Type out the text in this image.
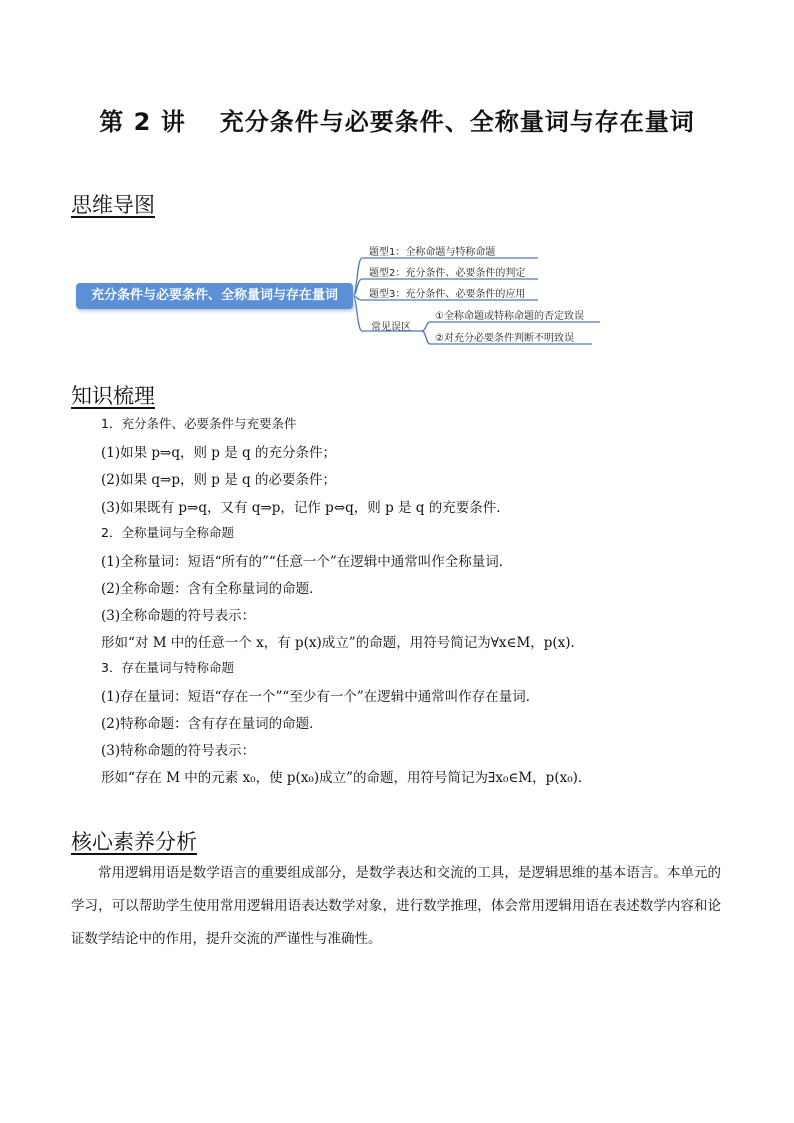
第 2 讲 充分条件与必要条件、全称量词与存在量词
思维导图
充分条件与必要条件、全称量词与存在量词
题型1：全称命题与特称命题
题型2：充分条件、必要条件的判定
题型3：充分条件、必要条件的应用
常见误区
①全称命题或特称命题的否定致误
②对充分必要条件判断不明致误
知识梳理
1．充分条件、必要条件与充要条件
(1)如果 p⇒q，则 p 是 q 的充分条件；
(2)如果 q⇒p，则 p 是 q 的必要条件；
(3)如果既有 p⇒q，又有 q⇒p，记作 p⇔q，则 p 是 q 的充要条件．
2．全称量词与全称命题
(1)全称量词：短语“所有的”“任意一个”在逻辑中通常叫作全称量词．
(2)全称命题：含有全称量词的命题．
(3)全称命题的符号表示：
形如“对 M 中的任意一个 x，有 p(x)成立”的命题，用符号简记为∀x∈M，p(x)．
3．存在量词与特称命题
(1)存在量词：短语“存在一个”“至少有一个”在逻辑中通常叫作存在量词．
(2)特称命题：含有存在量词的命题．
(3)特称命题的符号表示：
形如“存在 M 中的元素 x₀，使 p(x₀)成立”的命题，用符号简记为∃x₀∈M，p(x₀)．
核心素养分析
常用逻辑用语是数学语言的重要组成部分，是数学表达和交流的工具，是逻辑思维的基本语言。本单元的学习，可以帮助学生使用常用逻辑用语表达数学对象，进行数学推理，体会常用逻辑用语在表述数学内容和论证数学结论中的作用，提升交流的严谨性与准确性。
